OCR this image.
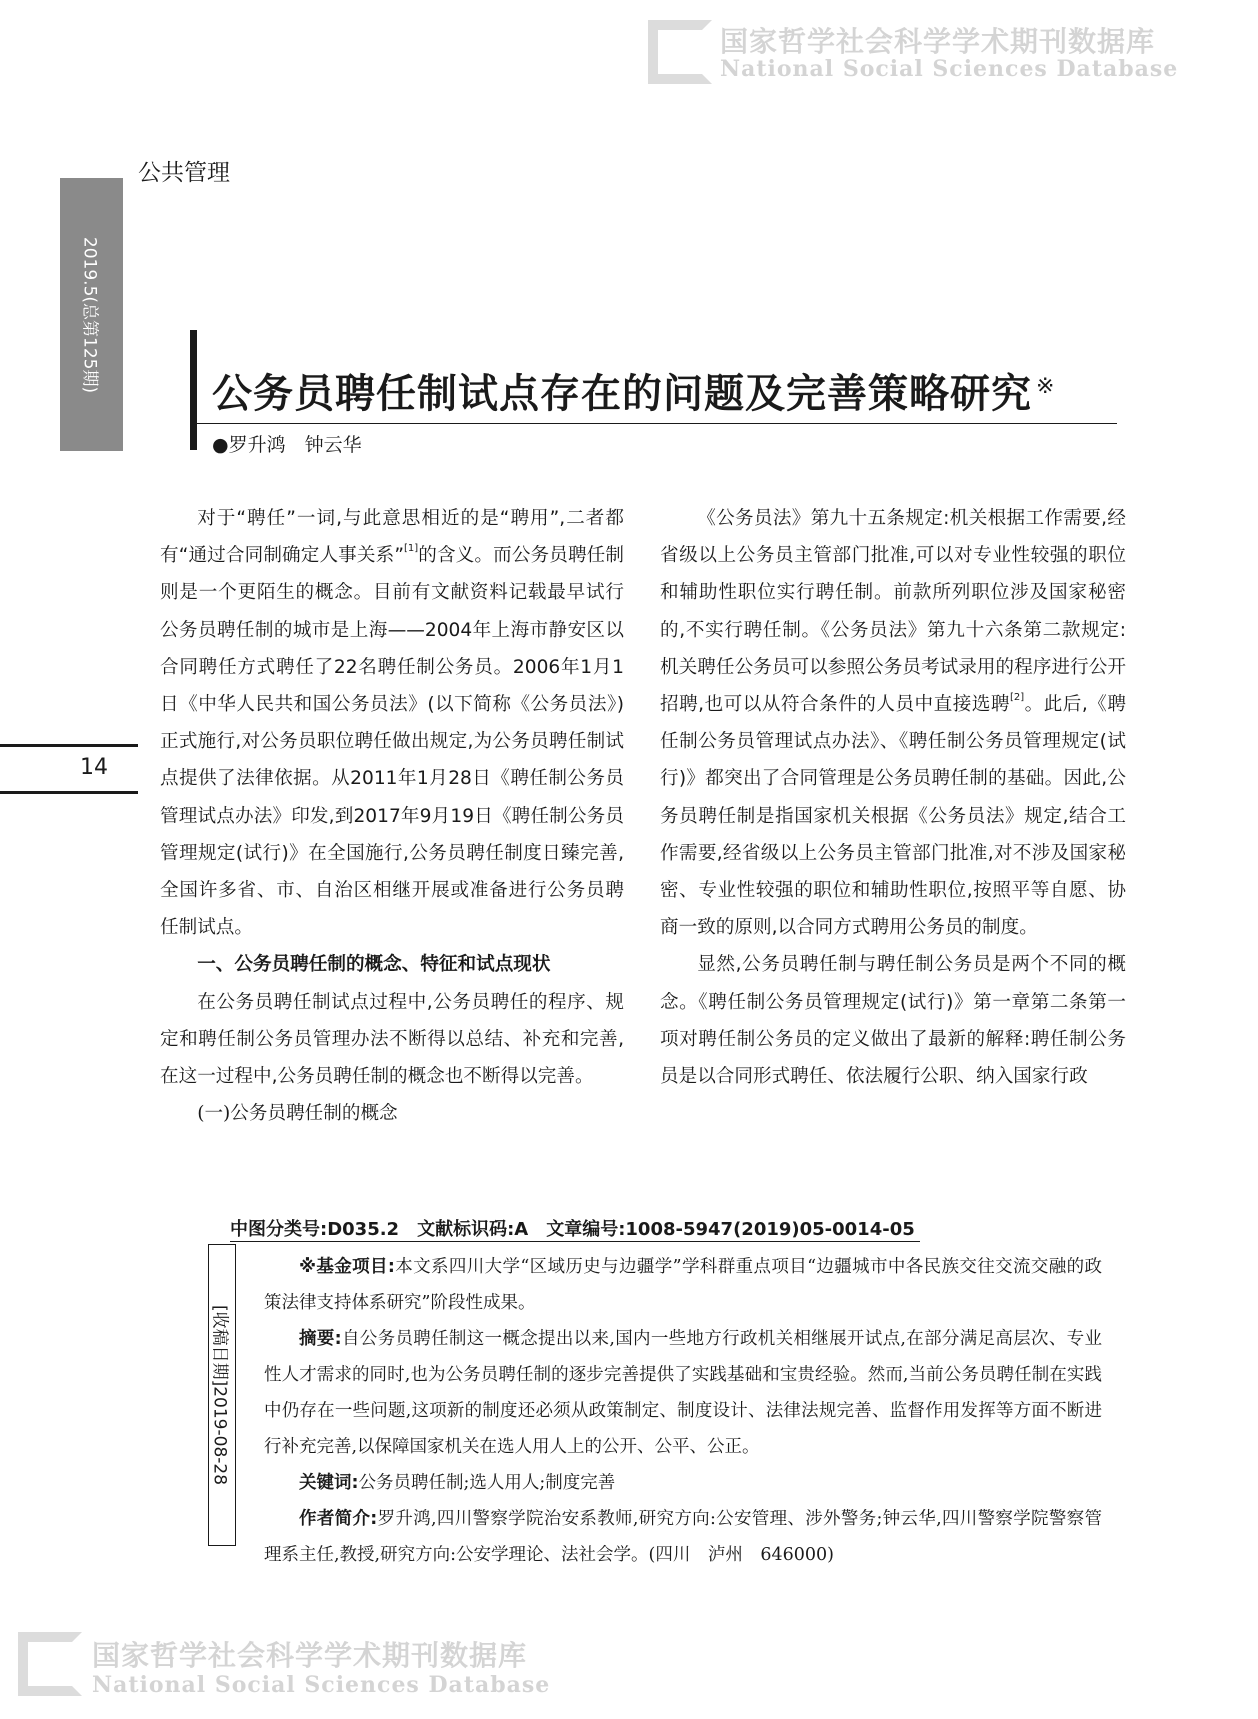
国家哲学社会科学学术期刊数据库
National Social Sciences Database
公共管理
2019.5(总第125期)
公务员聘任制试点存在的问题及完善策略研究 ※
●罗升鸿　钟云华
14

对于“聘任”一词,与此意思相近的是“聘用”,二者都有“通过合同制确定人事关系”[1]的含义。而公务员聘任制则是一个更陌生的概念。目前有文献资料记载最早试行公务员聘任制的城市是上海——2004年上海市静安区以合同聘任方式聘任了22名聘任制公务员。2006年1月1日《中华人民共和国公务员法》(以下简称《公务员法》)正式施行,对公务员职位聘任做出规定,为公务员聘任制试点提供了法律依据。从2011年1月28日《聘任制公务员管理试点办法》印发,到2017年9月19日《聘任制公务员管理规定(试行)》在全国施行,公务员聘任制度日臻完善,全国许多省、市、自治区相继开展或准备进行公务员聘任制试点。

一、公务员聘任制的概念、特征和试点现状

在公务员聘任制试点过程中,公务员聘任的程序、规定和聘任制公务员管理办法不断得以总结、补充和完善,在这一过程中,公务员聘任制的概念也不断得以完善。

(一)公务员聘任制的概念

《公务员法》第九十五条规定:机关根据工作需要,经省级以上公务员主管部门批准,可以对专业性较强的职位和辅助性职位实行聘任制。前款所列职位涉及国家秘密的,不实行聘任制。《公务员法》第九十六条第二款规定:机关聘任公务员可以参照公务员考试录用的程序进行公开招聘,也可以从符合条件的人员中直接选聘[2]。此后,《聘任制公务员管理试点办法》、《聘任制公务员管理规定(试行)》都突出了合同管理是公务员聘任制的基础。因此,公务员聘任制是指国家机关根据《公务员法》规定,结合工作需要,经省级以上公务员主管部门批准,对不涉及国家秘密、专业性较强的职位和辅助性职位,按照平等自愿、协商一致的原则,以合同方式聘用公务员的制度。

显然,公务员聘任制与聘任制公务员是两个不同的概念。《聘任制公务员管理规定(试行)》第一章第二条第一项对聘任制公务员的定义做出了最新的解释:聘任制公务员是以合同形式聘任、依法履行公职、纳入国家行政

中图分类号:D035.2　文献标识码:A　文章编号:1008-5947(2019)05-0014-05
[收稿日期]2019-08-28

※基金项目:本文系四川大学“区域历史与边疆学”学科群重点项目“边疆城市中各民族交往交流交融的政策法律支持体系研究”阶段性成果。

摘要:自公务员聘任制这一概念提出以来,国内一些地方行政机关相继展开试点,在部分满足高层次、专业性人才需求的同时,也为公务员聘任制的逐步完善提供了实践基础和宝贵经验。然而,当前公务员聘任制在实践中仍存在一些问题,这项新的制度还必须从政策制定、制度设计、法律法规完善、监督作用发挥等方面不断进行补充完善,以保障国家机关在选人用人上的公开、公平、公正。

关键词:公务员聘任制;选人用人;制度完善

作者简介:罗升鸿,四川警察学院治安系教师,研究方向:公安管理、涉外警务;钟云华,四川警察学院警察管理系主任,教授,研究方向:公安学理论、法社会学。(四川　泸州　646000)

国家哲学社会科学学术期刊数据库
National Social Sciences Database
